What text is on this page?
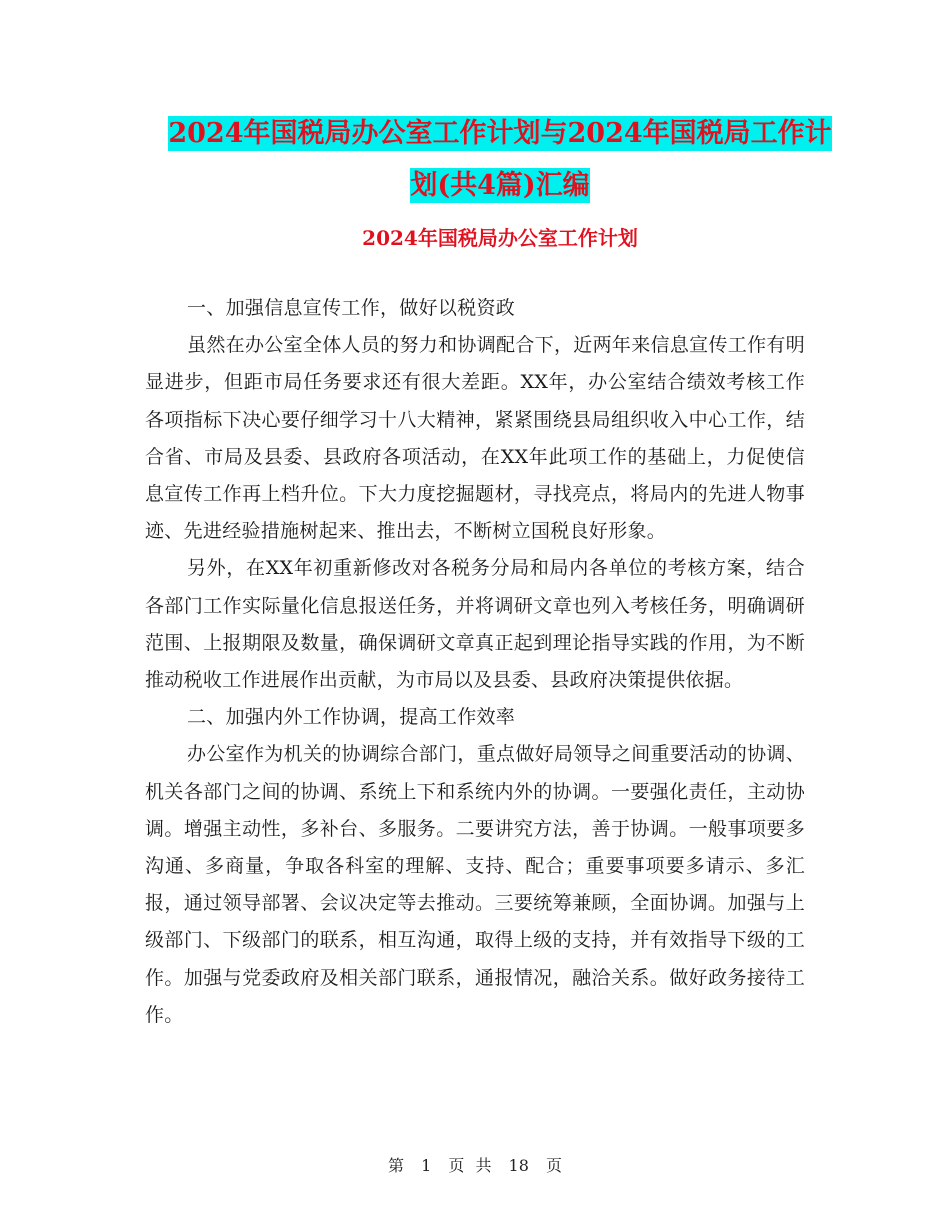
2024年国税局办公室工作计划与2024年国税局工作计
划(共4篇)汇编
2024年国税局办公室工作计划

一、加强信息宣传工作，做好以税资政

虽然在办公室全体人员的努力和协调配合下，近两年来信息宣传工作有明显进步，但距市局任务要求还有很大差距。XX年，办公室结合绩效考核工作各项指标下决心要仔细学习十八大精神，紧紧围绕县局组织收入中心工作，结合省、市局及县委、县政府各项活动，在XX年此项工作的基础上，力促使信息宣传工作再上档升位。下大力度挖掘题材，寻找亮点，将局内的先进人物事迹、先进经验措施树起来、推出去，不断树立国税良好形象。

另外，在XX年初重新修改对各税务分局和局内各单位的考核方案，结合各部门工作实际量化信息报送任务，并将调研文章也列入考核任务，明确调研范围、上报期限及数量，确保调研文章真正起到理论指导实践的作用，为不断推动税收工作进展作出贡献，为市局以及县委、县政府决策提供依据。

二、加强内外工作协调，提高工作效率

办公室作为机关的协调综合部门，重点做好局领导之间重要活动的协调、机关各部门之间的协调、系统上下和系统内外的协调。一要强化责任，主动协调。增强主动性，多补台、多服务。二要讲究方法，善于协调。一般事项要多沟通、多商量，争取各科室的理解、支持、配合；重要事项要多请示、多汇报，通过领导部署、会议决定等去推动。三要统筹兼顾，全面协调。加强与上级部门、下级部门的联系，相互沟通，取得上级的支持，并有效指导下级的工作。加强与党委政府及相关部门联系，通报情况，融洽关系。做好政务接待工作。

第 1 页 共 18 页
